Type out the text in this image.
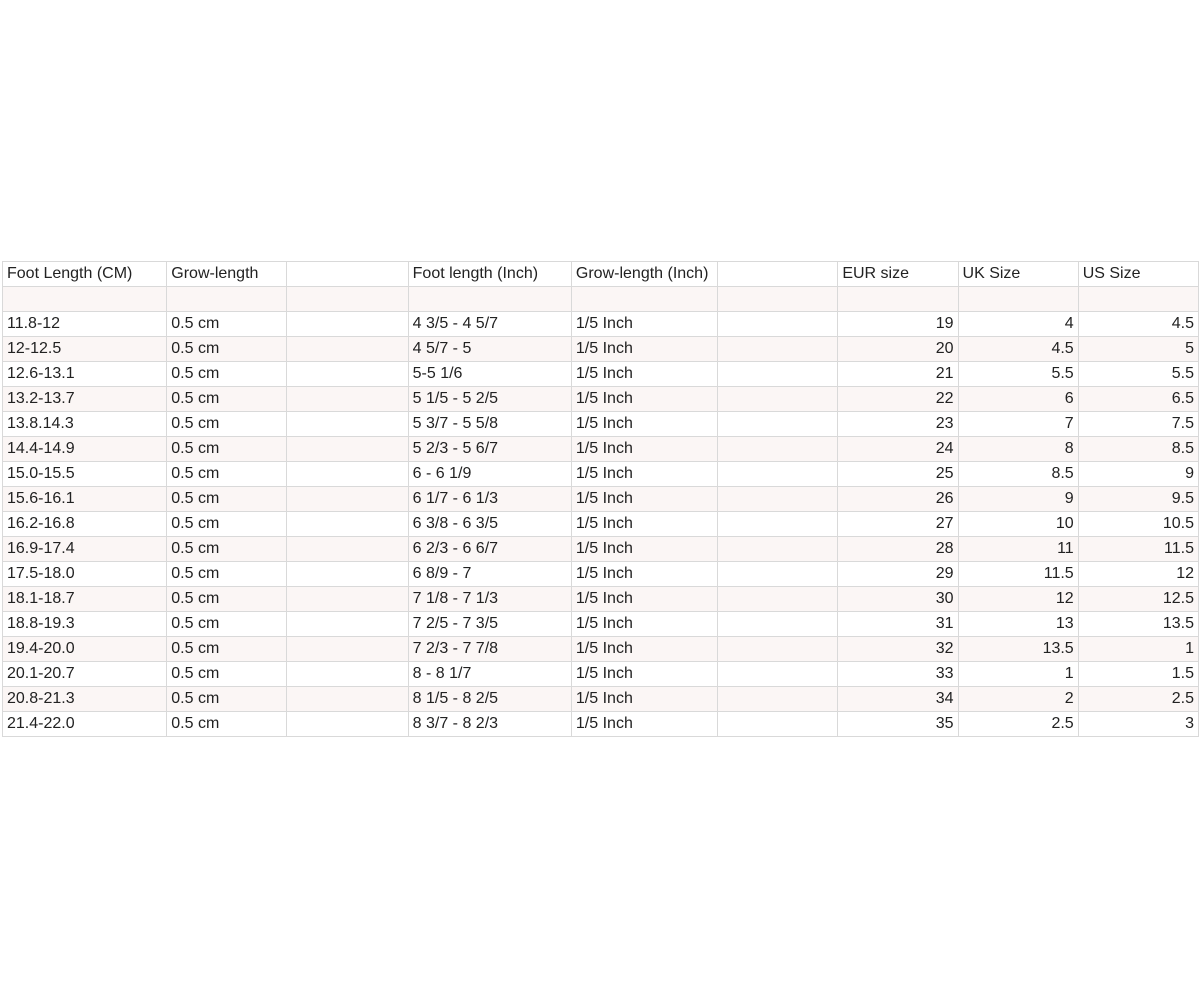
Foot Length (CM)	Grow-length		Foot length (Inch)	Grow-length (Inch)		EUR size	UK Size	US Size

11.8-12	0.5 cm		4 3/5 - 4 5/7	1/5 Inch		19	4	4.5
12-12.5	0.5 cm		4 5/7 - 5	1/5 Inch		20	4.5	5
12.6-13.1	0.5 cm		5-5 1/6	1/5 Inch		21	5.5	5.5
13.2-13.7	0.5 cm		5 1/5 - 5 2/5	1/5 Inch		22	6	6.5
13.8.14.3	0.5 cm		5 3/7 - 5 5/8	1/5 Inch		23	7	7.5
14.4-14.9	0.5 cm		5 2/3 - 5 6/7	1/5 Inch		24	8	8.5
15.0-15.5	0.5 cm		6 - 6 1/9	1/5 Inch		25	8.5	9
15.6-16.1	0.5 cm		6 1/7 - 6 1/3	1/5 Inch		26	9	9.5
16.2-16.8	0.5 cm		6 3/8 - 6 3/5	1/5 Inch		27	10	10.5
16.9-17.4	0.5 cm		6 2/3 - 6 6/7	1/5 Inch		28	11	11.5
17.5-18.0	0.5 cm		6 8/9 - 7	1/5 Inch		29	11.5	12
18.1-18.7	0.5 cm		7 1/8 - 7 1/3	1/5 Inch		30	12	12.5
18.8-19.3	0.5 cm		7 2/5 - 7 3/5	1/5 Inch		31	13	13.5
19.4-20.0	0.5 cm		7 2/3 - 7 7/8	1/5 Inch		32	13.5	1
20.1-20.7	0.5 cm		8 - 8 1/7	1/5 Inch		33	1	1.5
20.8-21.3	0.5 cm		8 1/5 - 8 2/5	1/5 Inch		34	2	2.5
21.4-22.0	0.5 cm		8 3/7 - 8 2/3	1/5 Inch		35	2.5	3
